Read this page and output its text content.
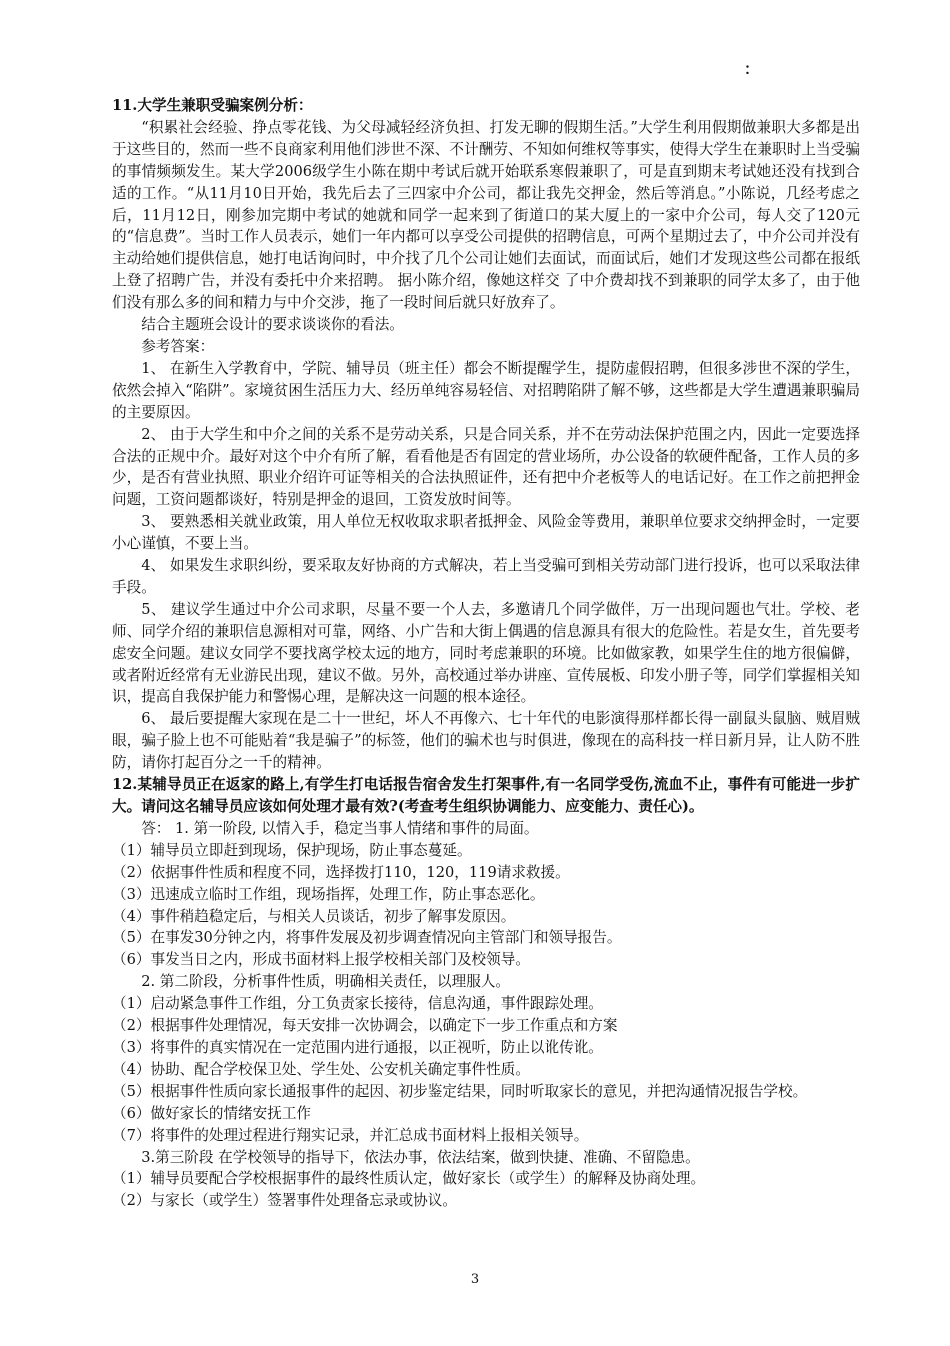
：

11.大学生兼职受骗案例分析：

“积累社会经验、挣点零花钱、为父母减轻经济负担、打发无聊的假期生活。”大学生利用假期做兼职大多都是出于这些目的，然而一些不良商家利用他们涉世不深、不计酬劳、不知如何维权等事实，使得大学生在兼职时上当受骗的事情频频发生。某大学2006级学生小陈在期中考试后就开始联系寒假兼职了，可是直到期末考试她还没有找到合适的工作。“从11月10日开始，我先后去了三四家中介公司，都让我先交押金，然后等消息。”小陈说，几经考虑之后，11月12日，刚参加完期中考试的她就和同学一起来到了街道口的某大厦上的一家中介公司，每人交了120元的“信息费”。当时工作人员表示，她们一年内都可以享受公司提供的招聘信息，可两个星期过去了，中介公司并没有主动给她们提供信息，她打电话询问时，中介找了几个公司让她们去面试，而面试后，她们才发现这些公司都在报纸上登了招聘广告，并没有委托中介来招聘。 据小陈介绍，像她这样交 了中介费却找不到兼职的同学太多了，由于他们没有那么多的间和精力与中介交涉，拖了一段时间后就只好放弃了。

结合主题班会设计的要求谈谈你的看法。

参考答案：

1、 在新生入学教育中，学院、辅导员（班主任）都会不断提醒学生，提防虚假招聘，但很多涉世不深的学生，依然会掉入“陷阱”。家境贫困生活压力大、经历单纯容易轻信、对招聘陷阱了解不够，这些都是大学生遭遇兼职骗局的主要原因。

2、 由于大学生和中介之间的关系不是劳动关系，只是合同关系，并不在劳动法保护范围之内，因此一定要选择合法的正规中介。最好对这个中介有所了解，看看他是否有固定的营业场所，办公设备的软硬件配备，工作人员的多少，是否有营业执照、职业介绍许可证等相关的合法执照证件，还有把中介老板等人的电话记好。在工作之前把押金问题，工资问题都谈好，特别是押金的退回，工资发放时间等。

3、 要熟悉相关就业政策，用人单位无权收取求职者抵押金、风险金等费用，兼职单位要求交纳押金时，一定要小心谨慎，不要上当。

4、 如果发生求职纠纷，要采取友好协商的方式解决，若上当受骗可到相关劳动部门进行投诉，也可以采取法律手段。

5、 建议学生通过中介公司求职，尽量不要一个人去，多邀请几个同学做伴，万一出现问题也气壮。学校、老师、同学介绍的兼职信息源相对可靠，网络、小广告和大街上偶遇的信息源具有很大的危险性。若是女生，首先要考虑安全问题。建议女同学不要找离学校太远的地方，同时考虑兼职的环境。比如做家教，如果学生住的地方很偏僻，或者附近经常有无业游民出现，建议不做。另外，高校通过举办讲座、宣传展板、印发小册子等，同学们掌握相关知识，提高自我保护能力和警惕心理，是解决这一问题的根本途径。

6、 最后要提醒大家现在是二十一世纪，坏人不再像六、七十年代的电影演得那样都长得一副鼠头鼠脑、贼眉贼眼，骗子脸上也不可能贴着“我是骗子”的标签，他们的骗术也与时俱进，像现在的高科技一样日新月异，让人防不胜防，请你打起百分之一千的精神。

12.某辅导员正在返家的路上,有学生打电话报告宿舍发生打架事件,有一名同学受伤,流血不止，事件有可能进一步扩大。请问这名辅导员应该如何处理才最有效?(考查考生组织协调能力、应变能力、责任心)。

答： 1. 第一阶段, 以情入手，稳定当事人情绪和事件的局面。

（1）辅导员立即赶到现场，保护现场，防止事态蔓延。

（2）依据事件性质和程度不同，选择拨打110，120，119请求救援。

（3）迅速成立临时工作组，现场指挥，处理工作，防止事态恶化。

（4）事件稍趋稳定后，与相关人员谈话，初步了解事发原因。

（5）在事发30分钟之内，将事件发展及初步调查情况向主管部门和领导报告。

（6）事发当日之内，形成书面材料上报学校相关部门及校领导。

2. 第二阶段，分析事件性质，明确相关责任，以理服人。

（1）启动紧急事件工作组，分工负责家长接待，信息沟通，事件跟踪处理。

（2）根据事件处理情况，每天安排一次协调会，以确定下一步工作重点和方案

（3）将事件的真实情况在一定范围内进行通报，以正视听，防止以讹传讹。

（4）协助、配合学校保卫处、学生处、公安机关确定事件性质。

（5）根据事件性质向家长通报事件的起因、初步鉴定结果，同时听取家长的意见，并把沟通情况报告学校。

（6）做好家长的情绪安抚工作

（7）将事件的处理过程进行翔实记录，并汇总成书面材料上报相关领导。

3.第三阶段 在学校领导的指导下，依法办事，依法结案，做到快捷、准确、不留隐患。

（1）辅导员要配合学校根据事件的最终性质认定，做好家长（或学生）的解释及协商处理。

（2）与家长（或学生）签署事件处理备忘录或协议。

3
